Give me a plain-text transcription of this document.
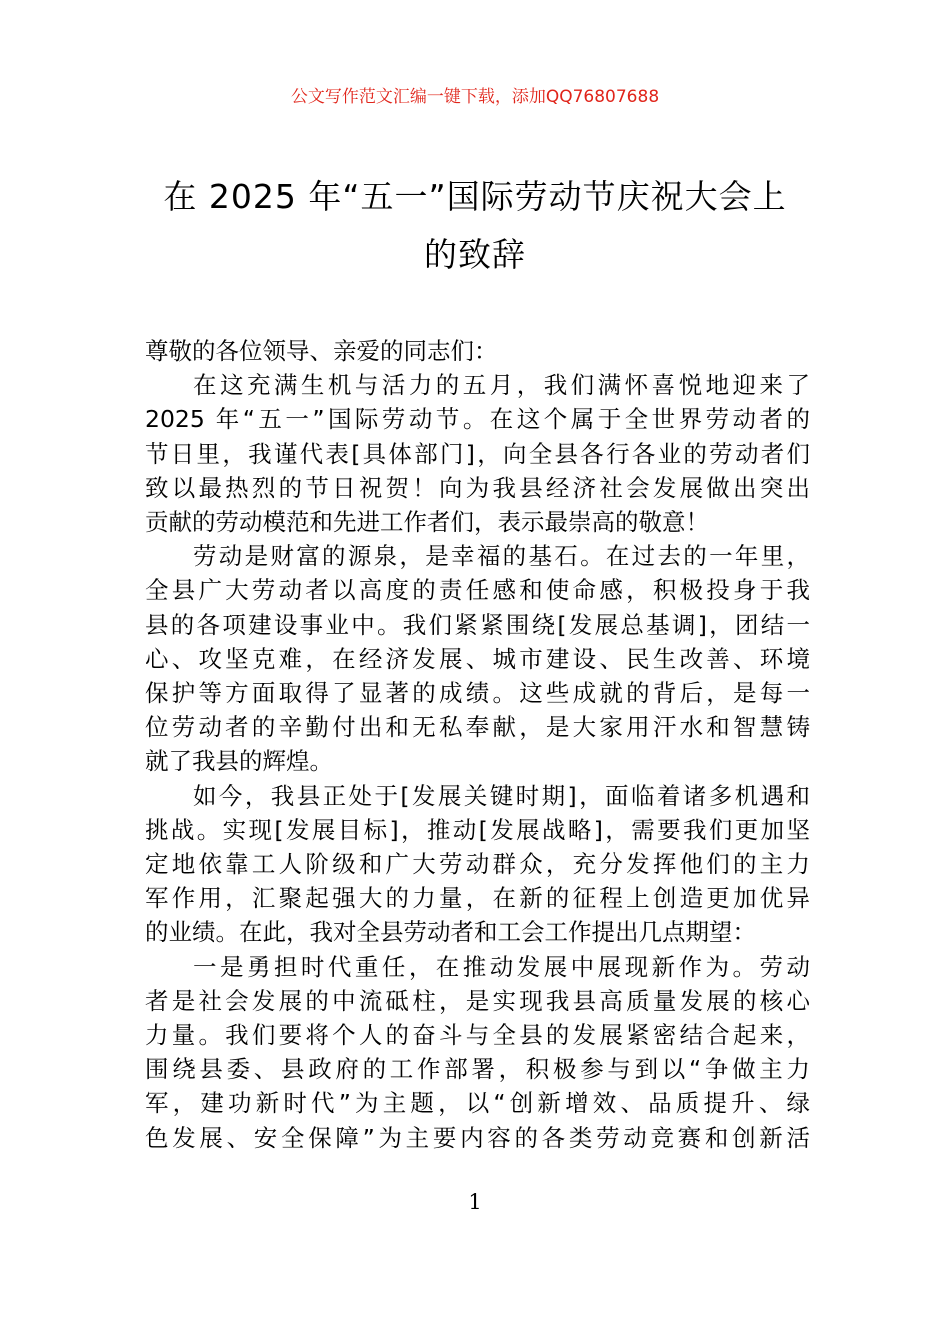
公文写作范文汇编一键下载，添加QQ76807688
在 2025 年“五一”国际劳动节庆祝大会上
的致辞
尊敬的各位领导、亲爱的同志们：
在这充满生机与活力的五月，我们满怀喜悦地迎来了
2025 年“五一”国际劳动节。在这个属于全世界劳动者的
节日里，我谨代表[具体部门]，向全县各行各业的劳动者们
致以最热烈的节日祝贺！向为我县经济社会发展做出突出
贡献的劳动模范和先进工作者们，表示最崇高的敬意！
劳动是财富的源泉，是幸福的基石。在过去的一年里，
全县广大劳动者以高度的责任感和使命感，积极投身于我
县的各项建设事业中。我们紧紧围绕[发展总基调]，团结一
心、攻坚克难，在经济发展、城市建设、民生改善、环境
保护等方面取得了显著的成绩。这些成就的背后，是每一
位劳动者的辛勤付出和无私奉献，是大家用汗水和智慧铸
就了我县的辉煌。
如今，我县正处于[发展关键时期]，面临着诸多机遇和
挑战。实现[发展目标]，推动[发展战略]，需要我们更加坚
定地依靠工人阶级和广大劳动群众，充分发挥他们的主力
军作用，汇聚起强大的力量，在新的征程上创造更加优异
的业绩。在此，我对全县劳动者和工会工作提出几点期望：
一是勇担时代重任，在推动发展中展现新作为。劳动
者是社会发展的中流砥柱，是实现我县高质量发展的核心
力量。我们要将个人的奋斗与全县的发展紧密结合起来，
围绕县委、县政府的工作部署，积极参与到以“争做主力
军，建功新时代”为主题，以“创新增效、品质提升、绿
色发展、安全保障”为主要内容的各类劳动竞赛和创新活
1
